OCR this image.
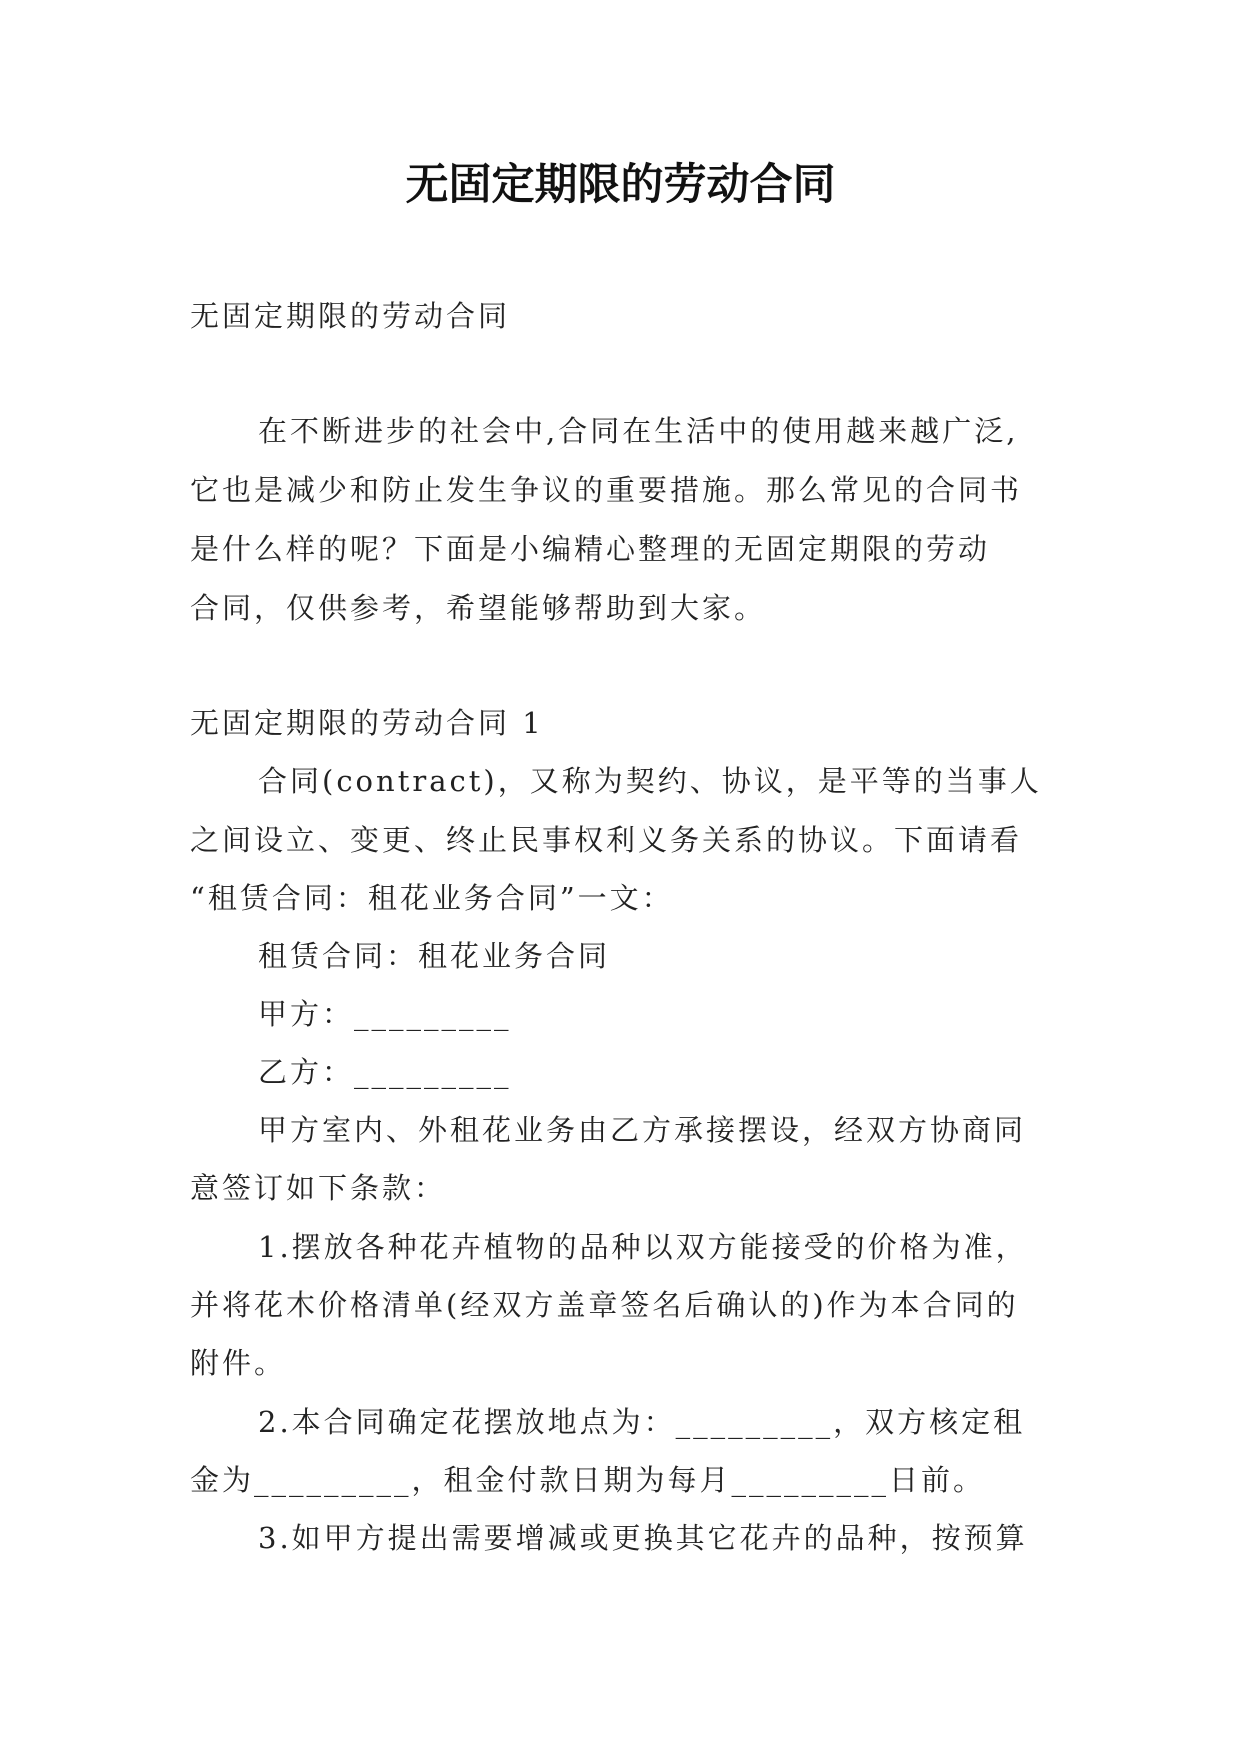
无固定期限的劳动合同
无固定期限的劳动合同
在不断进步的社会中,合同在生活中的使用越来越广泛,
它也是减少和防止发生争议的重要措施。那么常见的合同书
是什么样的呢？下面是小编精心整理的无固定期限的劳动
合同，仅供参考，希望能够帮助到大家。
无固定期限的劳动合同 1
合同(contract)，又称为契约、协议，是平等的当事人
之间设立、变更、终止民事权利义务关系的协议。下面请看
“租赁合同：租花业务合同”一文：
租赁合同：租花业务合同
甲方：_________
乙方：_________
甲方室内、外租花业务由乙方承接摆设，经双方协商同
意签订如下条款：
1.摆放各种花卉植物的品种以双方能接受的价格为准，
并将花木价格清单(经双方盖章签名后确认的)作为本合同的
附件。
2.本合同确定花摆放地点为：_________，双方核定租
金为_________，租金付款日期为每月_________日前。
3.如甲方提出需要增减或更换其它花卉的品种，按预算
